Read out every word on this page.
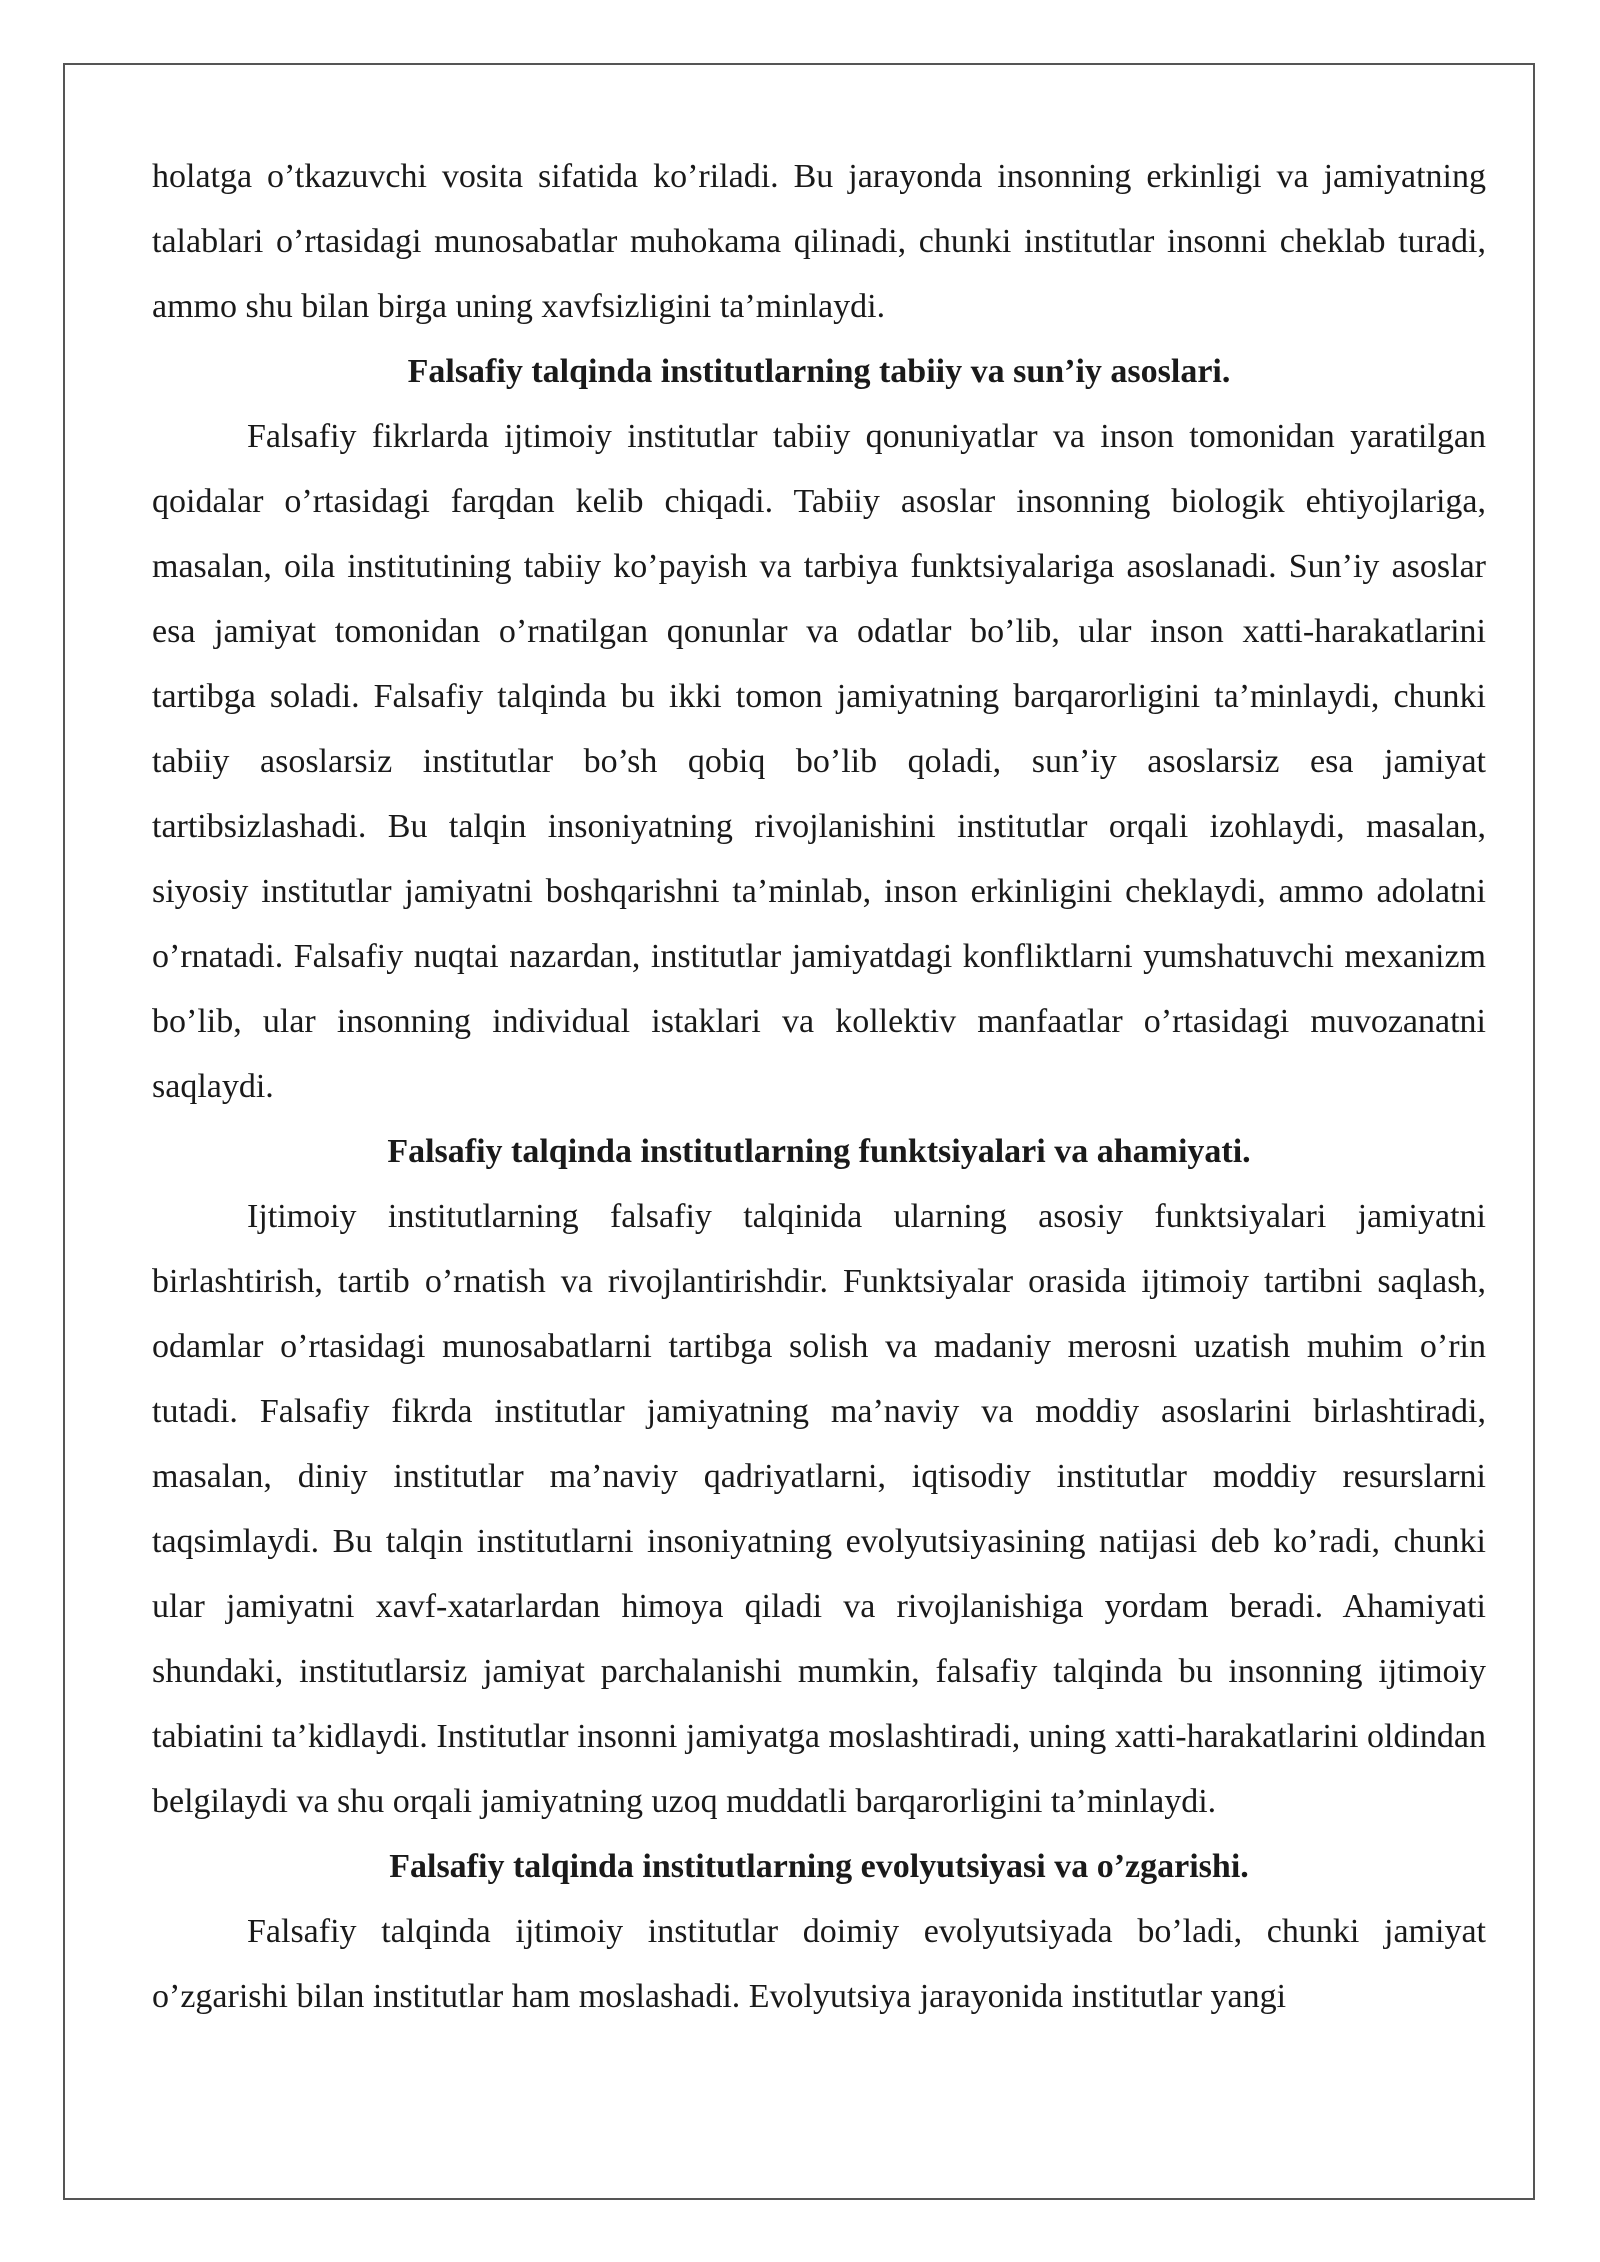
holatga o’tkazuvchi vosita sifatida ko’riladi. Bu jarayonda insonning erkinligi va jamiyatning talablari o’rtasidagi munosabatlar muhokama qilinadi, chunki institutlar insonni cheklab turadi, ammo shu bilan birga uning xavfsizligini ta’minlaydi.

Falsafiy talqinda institutlarning tabiiy va sun’iy asoslari.

Falsafiy fikrlarda ijtimoiy institutlar tabiiy qonuniyatlar va inson tomonidan yaratilgan qoidalar o’rtasidagi farqdan kelib chiqadi. Tabiiy asoslar insonning biologik ehtiyojlariga, masalan, oila institutining tabiiy ko’payish va tarbiya funktsiyalariga asoslanadi. Sun’iy asoslar esa jamiyat tomonidan o’rnatilgan qonunlar va odatlar bo’lib, ular inson xatti-harakatlarini tartibga soladi. Falsafiy talqinda bu ikki tomon jamiyatning barqarorligini ta’minlaydi, chunki tabiiy asoslarsiz institutlar bo’sh qobiq bo’lib qoladi, sun’iy asoslarsiz esa jamiyat tartibsizlashadi. Bu talqin insoniyatning rivojlanishini institutlar orqali izohlaydi, masalan, siyosiy institutlar jamiyatni boshqarishni ta’minlab, inson erkinligini cheklaydi, ammo adolatni o’rnatadi. Falsafiy nuqtai nazardan, institutlar jamiyatdagi konfliktlarni yumshatuvchi mexanizm bo’lib, ular insonning individual istaklari va kollektiv manfaatlar o’rtasidagi muvozanatni saqlaydi.

Falsafiy talqinda institutlarning funktsiyalari va ahamiyati.

Ijtimoiy institutlarning falsafiy talqinida ularning asosiy funktsiyalari jamiyatni birlashtirish, tartib o’rnatish va rivojlantirishdir. Funktsiyalar orasida ijtimoiy tartibni saqlash, odamlar o’rtasidagi munosabatlarni tartibga solish va madaniy merosni uzatish muhim o’rin tutadi. Falsafiy fikrda institutlar jamiyatning ma’naviy va moddiy asoslarini birlashtiradi, masalan, diniy institutlar ma’naviy qadriyatlarni, iqtisodiy institutlar moddiy resurslarni taqsimlaydi. Bu talqin institutlarni insoniyatning evolyutsiyasining natijasi deb ko’radi, chunki ular jamiyatni xavf-xatarlardan himoya qiladi va rivojlanishiga yordam beradi. Ahamiyati shundaki, institutlarsiz jamiyat parchalanishi mumkin, falsafiy talqinda bu insonning ijtimoiy tabiatini ta’kidlaydi. Institutlar insonni jamiyatga moslashtiradi, uning xatti-harakatlarini oldindan belgilaydi va shu orqali jamiyatning uzoq muddatli barqarorligini ta’minlaydi.

Falsafiy talqinda institutlarning evolyutsiyasi va o’zgarishi.

Falsafiy talqinda ijtimoiy institutlar doimiy evolyutsiyada bo’ladi, chunki jamiyat o’zgarishi bilan institutlar ham moslashadi. Evolyutsiya jarayonida institutlar yangi
